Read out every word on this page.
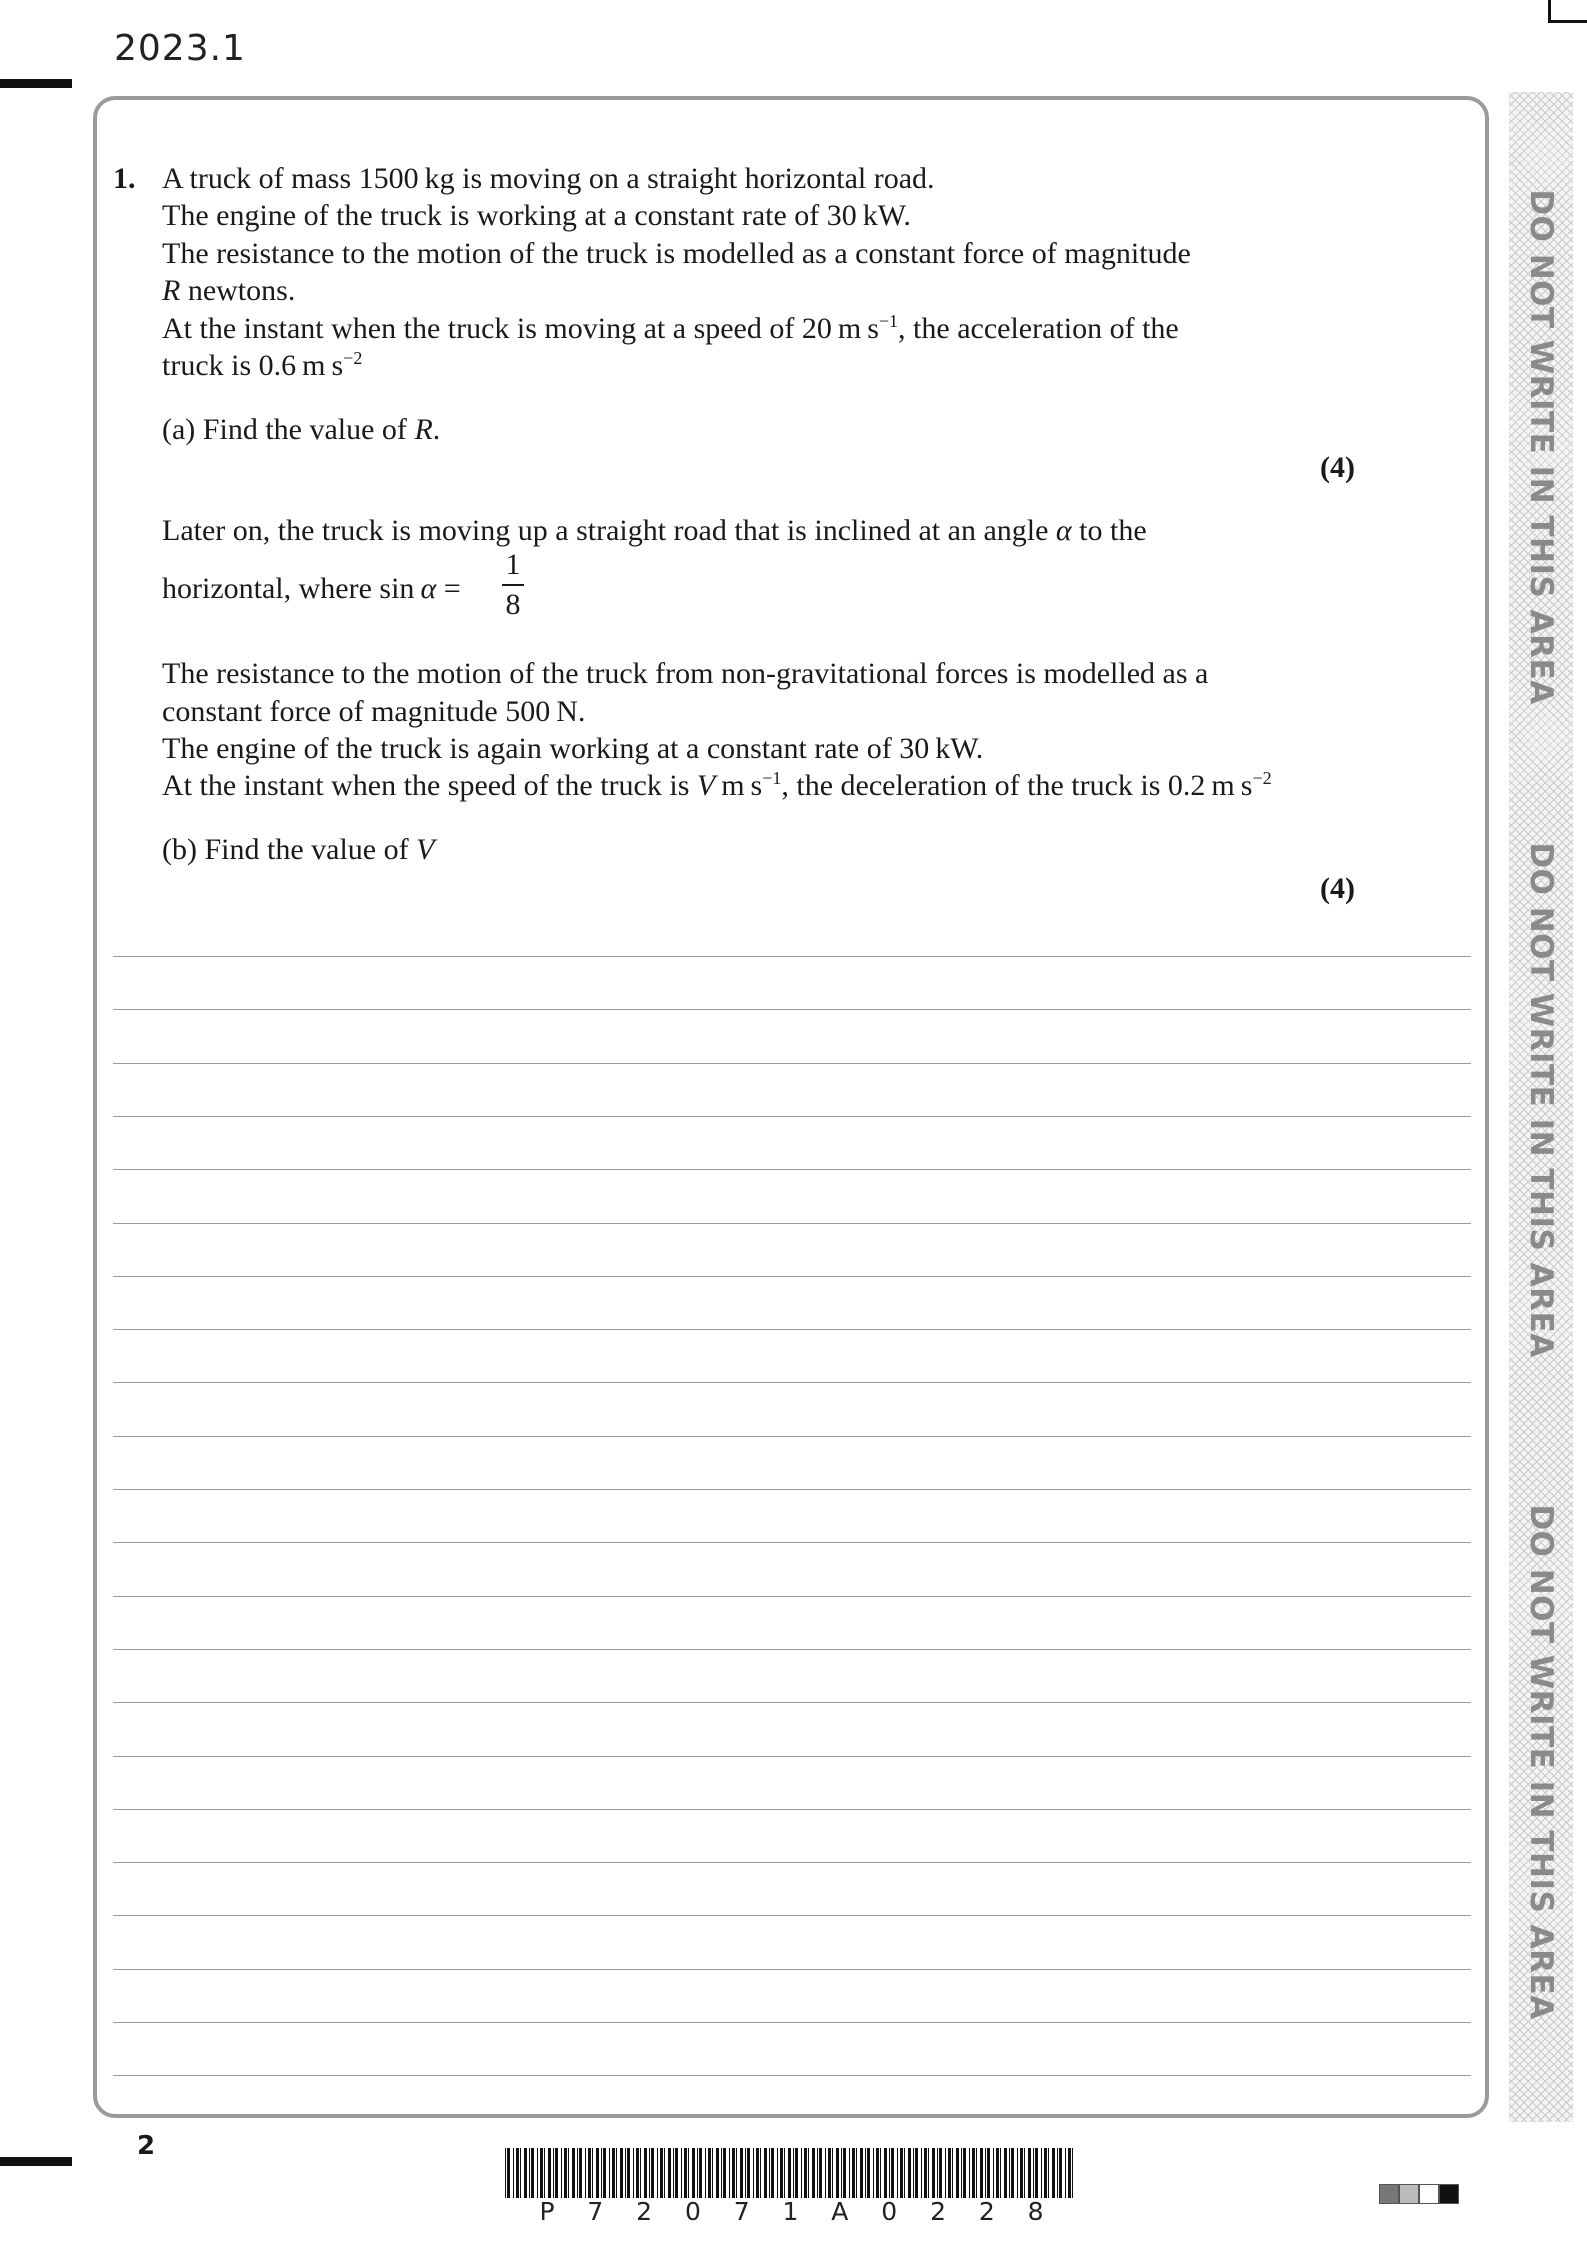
2023.1
DO NOT WRITE IN THIS AREA
DO NOT WRITE IN THIS AREA
DO NOT WRITE IN THIS AREA
1. A truck of mass 1500 kg is moving on a straight horizontal road.
The engine of the truck is working at a constant rate of 30 kW.
The resistance to the motion of the truck is modelled as a constant force of magnitude
R newtons.
At the instant when the truck is moving at a speed of 20 m $s^{-1}$, the acceleration of the
truck is 0.6 m $s^{-2}$
(a) Find the value of R.
(4)
Later on, the truck is moving up a straight road that is inclined at an angle α to the
horizontal, where sin α =
1
8
The resistance to the motion of the truck from non-gravitational forces is modelled as a
constant force of magnitude 500 N.
The engine of the truck is again working at a constant rate of 30 kW.
At the instant when the speed of the truck is V m $s^{-1}$, the deceleration of the truck is 0.2 m $s^{-2}$
(b) Find the value of V
(4)
2
P 7 2 0 7 1 A 0 2 2 8
